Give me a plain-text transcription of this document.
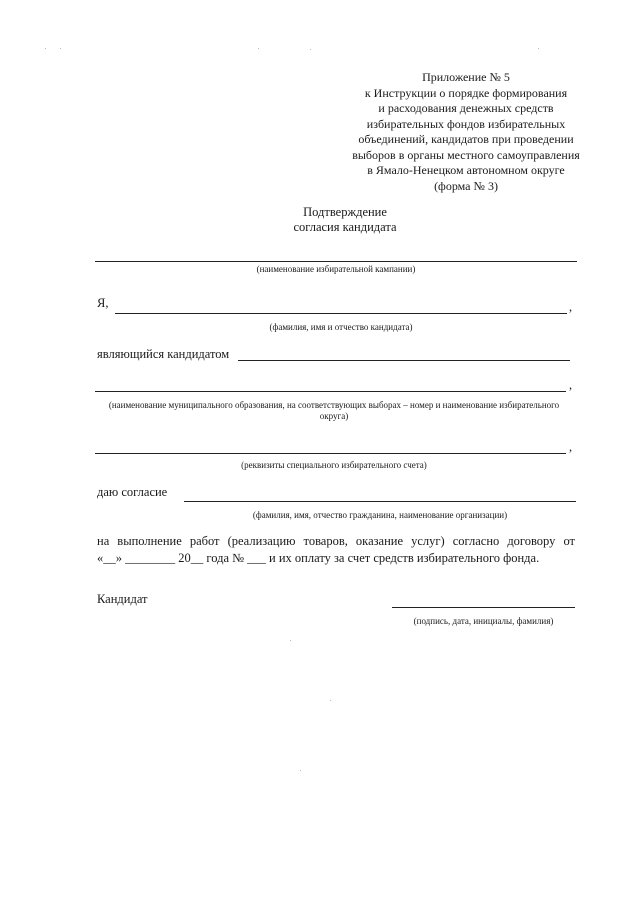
Приложение № 5
к Инструкции о порядке формирования
и расходования денежных средств
избирательных фондов избирательных
объединений, кандидатов при проведении
выборов в органы местного самоуправления
в Ямало-Ненецком автономном округе
(форма № 3)
Подтверждение
согласия кандидата
(наименование избирательной кампании)
Я,	,
(фамилия, имя и отчество кандидата)
являющийся кандидатом
,
(наименование муниципального образования, на соответствующих выборах – номер и наименование избирательного округа)
,
(реквизиты специального избирательного счета)
даю согласие
(фамилия, имя, отчество гражданина, наименование организации)
на выполнение работ (реализацию товаров, оказание услуг) согласно договору от
«__» ________ 20__ года № ___ и их оплату за счет средств избирательного фонда.
Кандидат
(подпись, дата, инициалы, фамилия)
